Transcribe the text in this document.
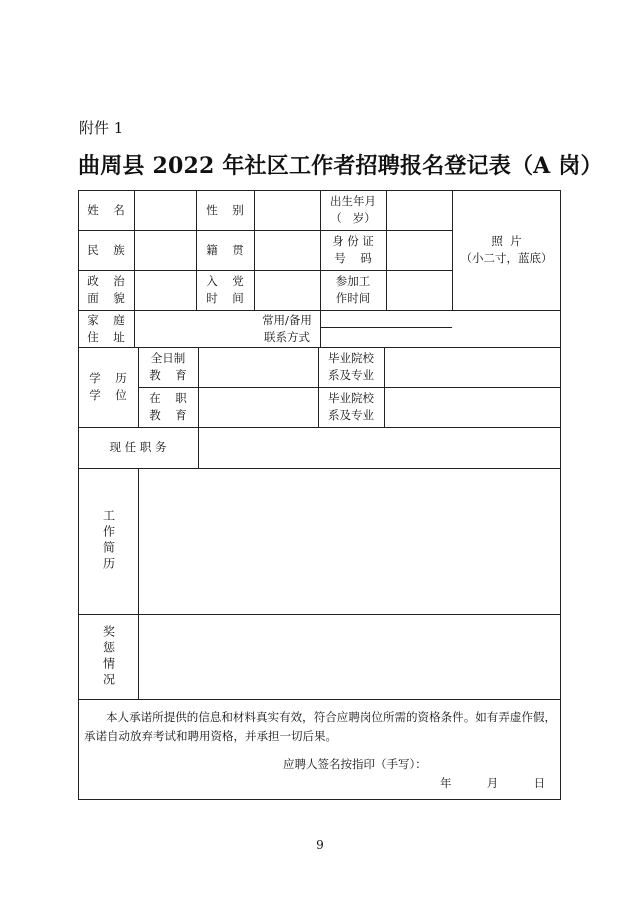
附件 1
曲周县 2022 年社区工作者招聘报名登记表（A 岗）
姓    名	性    别
出生年月
（   岁）
照  片
（小二寸，蓝底）
民    族	籍    贯
身 份 证
号    码
政    治
面    貌
入    党
时    间
参加工
作时间
家    庭
住    址
常用/备用
联系方式
学    历
学    位
全日制
教    育
毕业院校
系及专业
在    职
教    育
毕业院校
系及专业
现 任 职 务
工作简历
奖惩情况
本人承诺所提供的信息和材料真实有效，符合应聘岗位所需的资格条件。如有弄虚作假，承诺自动放弃考试和聘用资格，并承担一切后果。
应聘人签名按指印（手写）：
年  月  日
9
